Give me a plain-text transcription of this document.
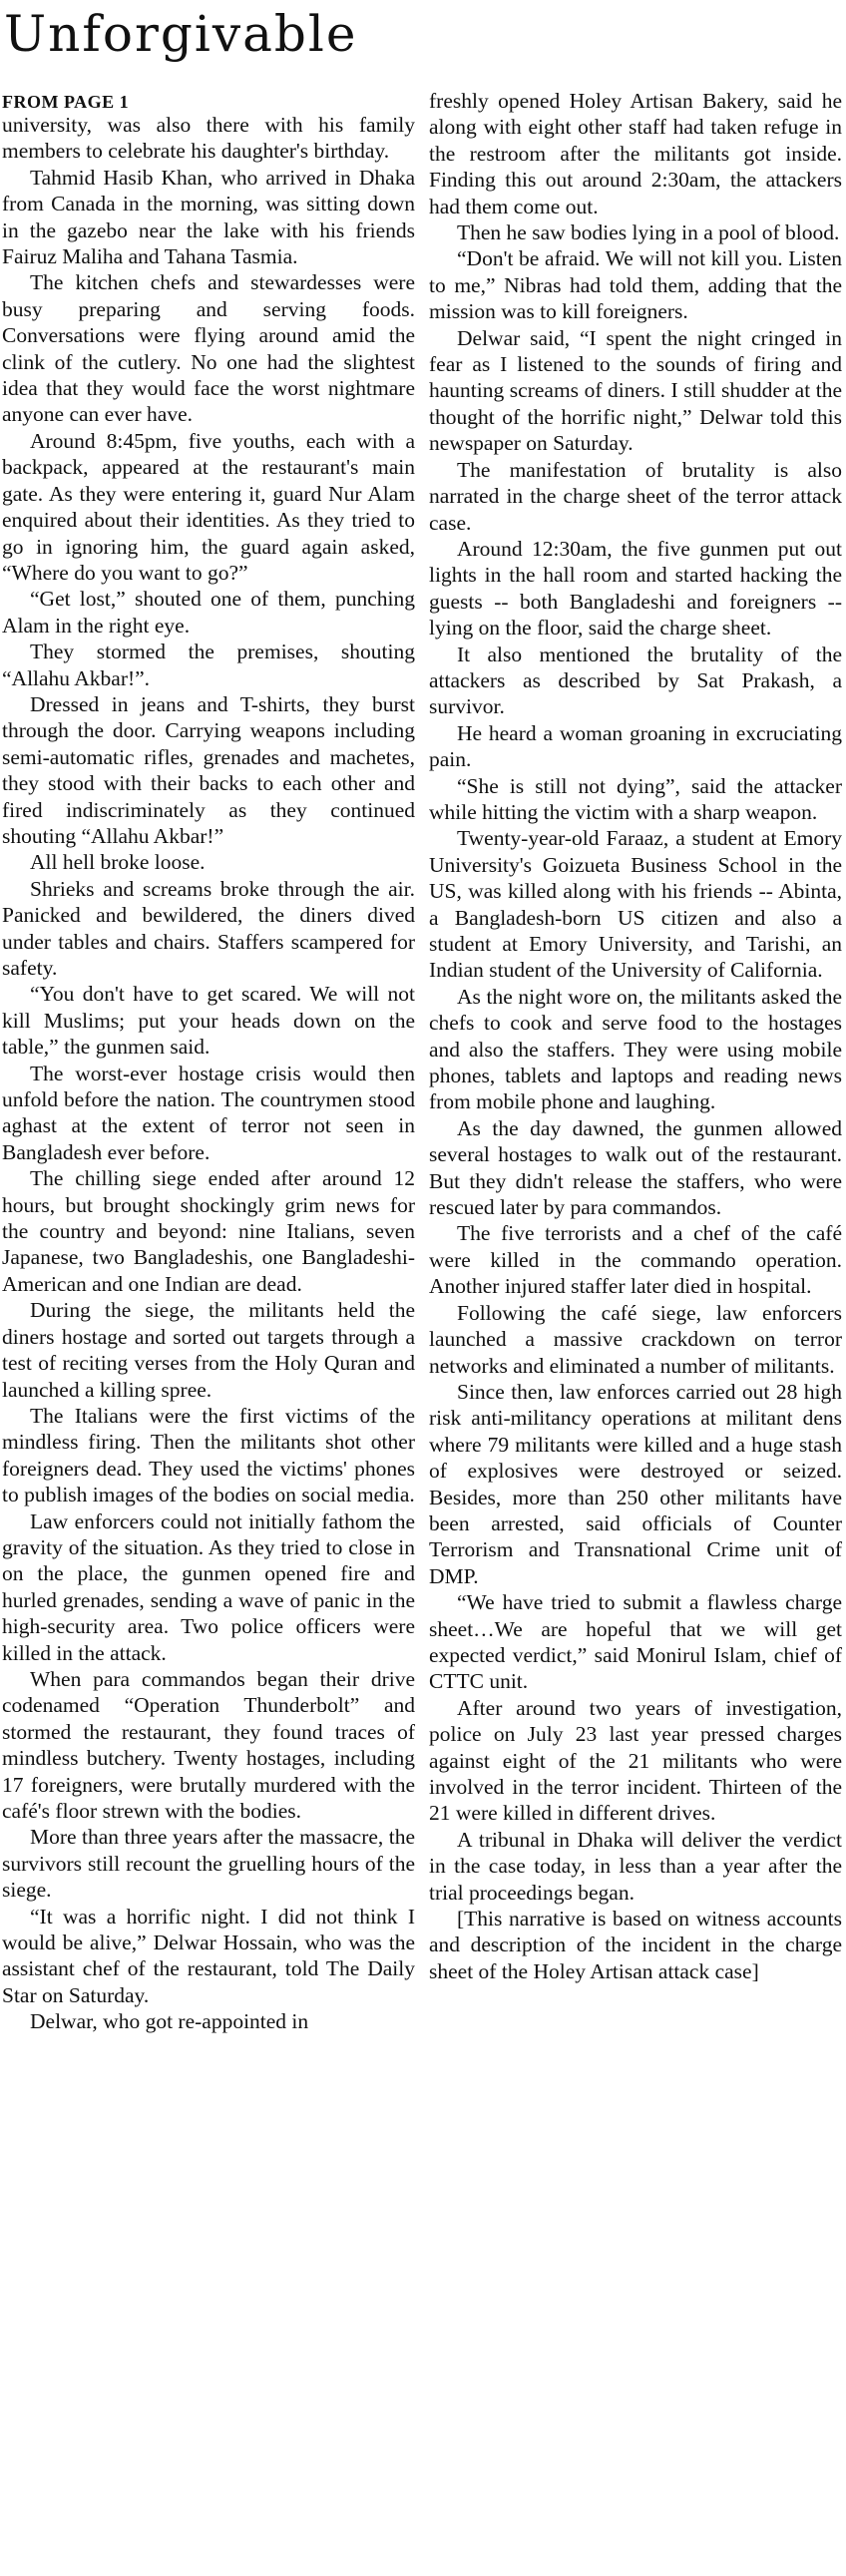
Unforgivable
FROM PAGE 1

university, was also there with his family members to celebrate his daughter's birthday.

Tahmid Hasib Khan, who arrived in Dhaka from Canada in the morning, was sitting down in the gazebo near the lake with his friends Fairuz Maliha and Tahana Tasmia.

The kitchen chefs and stewardesses were busy preparing and serving foods. Conversations were flying around amid the clink of the cutlery. No one had the slightest idea that they would face the worst nightmare anyone can ever have.

Around 8:45pm, five youths, each with a backpack, appeared at the restaurant's main gate. As they were entering it, guard Nur Alam enquired about their identities. As they tried to go in ignoring him, the guard again asked, “Where do you want to go?”

“Get lost,” shouted one of them, punching Alam in the right eye.

They stormed the premises, shouting “Allahu Akbar!”.

Dressed in jeans and T-shirts, they burst through the door. Carrying weapons including semi-automatic rifles, grenades and machetes, they stood with their backs to each other and fired indiscriminately as they continued shouting “Allahu Akbar!”

All hell broke loose.

Shrieks and screams broke through the air. Panicked and bewildered, the diners dived under tables and chairs. Staffers scampered for safety.

“You don't have to get scared. We will not kill Muslims; put your heads down on the table,” the gunmen said.

The worst-ever hostage crisis would then unfold before the nation. The countrymen stood aghast at the extent of terror not seen in Bangladesh ever before.

The chilling siege ended after around 12 hours, but brought shockingly grim news for the country and beyond: nine Italians, seven Japanese, two Bangladeshis, one Bangladeshi-American and one Indian are dead.

During the siege, the militants held the diners hostage and sorted out targets through a test of reciting verses from the Holy Quran and launched a killing spree.

The Italians were the first victims of the mindless firing. Then the militants shot other foreigners dead. They used the victims' phones to publish images of the bodies on social media.

Law enforcers could not initially fathom the gravity of the situation. As they tried to close in on the place, the gunmen opened fire and hurled grenades, sending a wave of panic in the high-security area. Two police officers were killed in the attack.

When para commandos began their drive codenamed “Operation Thunderbolt” and stormed the restaurant, they found traces of mindless butchery. Twenty hostages, including 17 foreigners, were brutally murdered with the café's floor strewn with the bodies.

More than three years after the massacre, the survivors still recount the gruelling hours of the siege.

“It was a horrific night. I did not think I would be alive,” Delwar Hossain, who was the assistant chef of the restaurant, told The Daily Star on Saturday.

Delwar, who got re-appointed in

freshly opened Holey Artisan Bakery, said he along with eight other staff had taken refuge in the restroom after the militants got inside. Finding this out around 2:30am, the attackers had them come out.

Then he saw bodies lying in a pool of blood.

“Don't be afraid. We will not kill you. Listen to me,” Nibras had told them, adding that the mission was to kill foreigners.

Delwar said, “I spent the night cringed in fear as I listened to the sounds of firing and haunting screams of diners. I still shudder at the thought of the horrific night,” Delwar told this newspaper on Saturday.

The manifestation of brutality is also narrated in the charge sheet of the terror attack case.

Around 12:30am, the five gunmen put out lights in the hall room and started hacking the guests -- both Bangladeshi and foreigners -- lying on the floor, said the charge sheet.

It also mentioned the brutality of the attackers as described by Sat Prakash, a survivor.

He heard a woman groaning in excruciating pain.

“She is still not dying”, said the attacker while hitting the victim with a sharp weapon.

Twenty-year-old Faraaz, a student at Emory University's Goizueta Business School in the US, was killed along with his friends -- Abinta, a Bangladesh-born US citizen and also a student at Emory University, and Tarishi, an Indian student of the University of California.

As the night wore on, the militants asked the chefs to cook and serve food to the hostages and also the staffers. They were using mobile phones, tablets and laptops and reading news from mobile phone and laughing.

As the day dawned, the gunmen allowed several hostages to walk out of the restaurant. But they didn't release the staffers, who were rescued later by para commandos.

The five terrorists and a chef of the café were killed in the commando operation. Another injured staffer later died in hospital.

Following the café siege, law enforcers launched a massive crackdown on terror networks and eliminated a number of militants.

Since then, law enforces carried out 28 high risk anti-militancy operations at militant dens where 79 militants were killed and a huge stash of explosives were destroyed or seized. Besides, more than 250 other militants have been arrested, said officials of Counter Terrorism and Transnational Crime unit of DMP.

“We have tried to submit a flawless charge sheet…We are hopeful that we will get expected verdict,” said Monirul Islam, chief of CTTC unit.

After around two years of investigation, police on July 23 last year pressed charges against eight of the 21 militants who were involved in the terror incident. Thirteen of the 21 were killed in different drives.

A tribunal in Dhaka will deliver the verdict in the case today, in less than a year after the trial proceedings began.

[This narrative is based on witness accounts and description of the incident in the charge sheet of the Holey Artisan attack case]
